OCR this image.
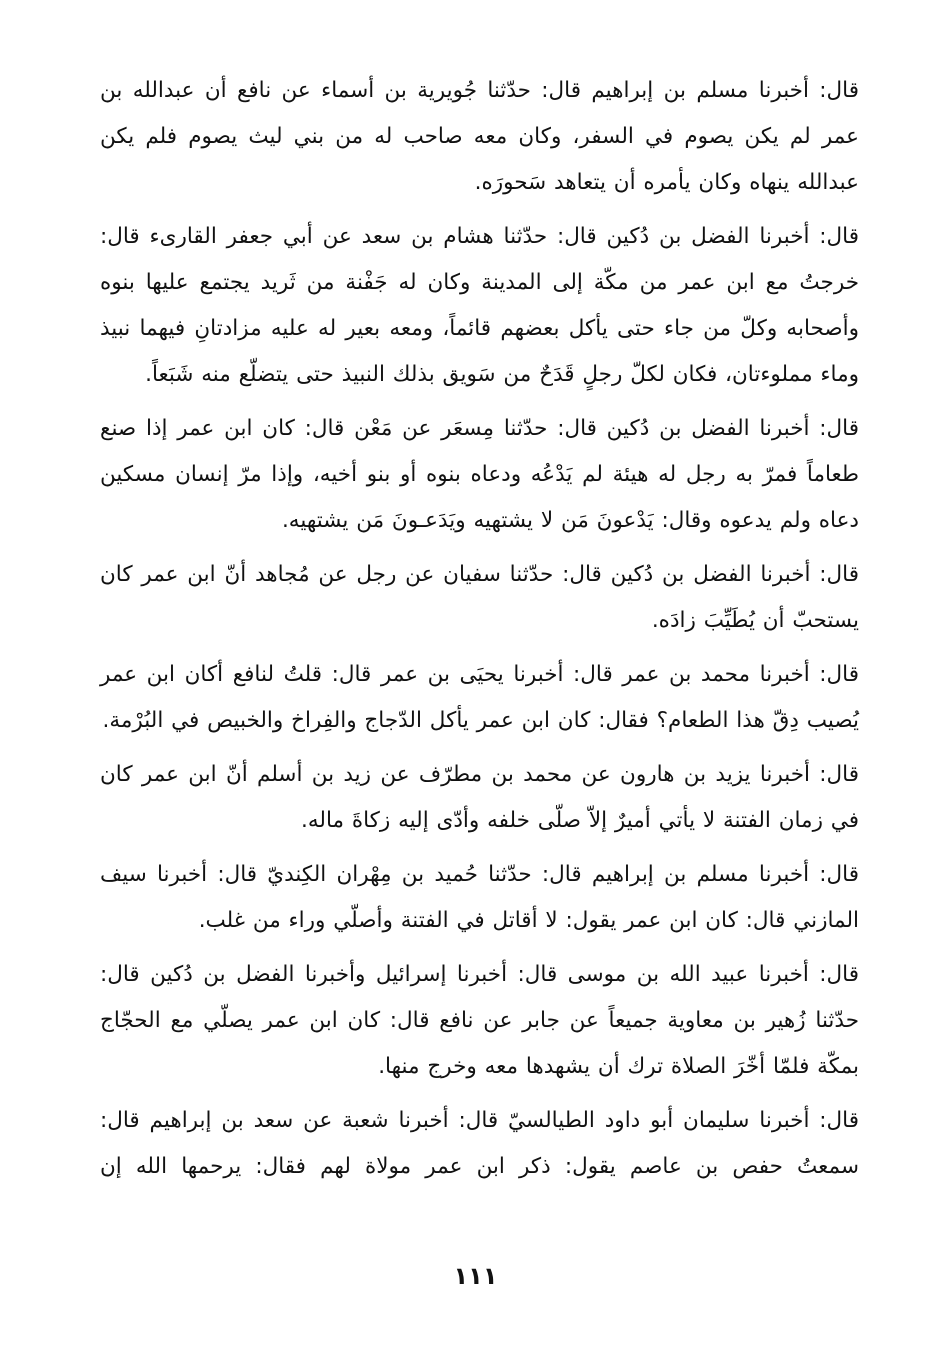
قال: أخبرنا مسلم بن إبراهيم قال: حدّثنا جُويرية بن أسماء عن نافع أن عبدالله بن عمر لم يكن يصوم في السفر، وكان معه صاحب له من بني ليث يصوم فلم يكن عبدالله ينهاه وكان يأمره أن يتعاهد سَحورَه.

قال: أخبرنا الفضل بن دُكين قال: حدّثنا هشام بن سعد عن أبي جعفر القارىء قال: خرجتُ مع ابن عمر من مكّة إلى المدينة وكان له جَفْنة من ثَريد يجتمع عليها بنوه وأصحابه وكلّ من جاء حتى يأكل بعضهم قائماً، ومعه بعير له عليه مزادتانِ فيهما نبيذ وماء مملوءتان، فكان لكلّ رجلٍ قَدَحٌ من سَويق بذلك النبيذ حتى يتضلّع منه شَبَعاً.

قال: أخبرنا الفضل بن دُكين قال: حدّثنا مِسعَر عن مَعْن قال: كان ابن عمر إذا صنع طعاماً فمرّ به رجل له هيئة لم يَدْعُه ودعاه بنوه أو بنو أخيه، وإذا مرّ إنسان مسكين دعاه ولم يدعوه وقال: يَدْعونَ مَن لا يشتهيه ويَدَعـونَ مَن يشتهيه.

قال: أخبرنا الفضل بن دُكين قال: حدّثنا سفيان عن رجل عن مُجاهد أنّ ابن عمر كان يستحبّ أن يُطَيِّبَ زادَه.

قال: أخبرنا محمد بن عمر قال: أخبرنا يحيَى بن عمر قال: قلتُ لنافع أكان ابن عمر يُصيب دِقّ هذا الطعام؟ فقال: كان ابن عمر يأكل الدّجاج والفِراخ والخبيص في البُرْمة.

قال: أخبرنا يزيد بن هارون عن محمد بن مطرّف عن زيد بن أسلم أنّ ابن عمر كان في زمان الفتنة لا يأتي أميرٌ إلاّ صلّى خلفه وأدّى إليه زكاةَ ماله.

قال: أخبرنا مسلم بن إبراهيم قال: حدّثنا حُميد بن مِهْران الكِنديّ قال: أخبرنا سيف المازني قال: كان ابن عمر يقول: لا أقاتل في الفتنة وأصلّي وراء من غلب.

قال: أخبرنا عبيد الله بن موسى قال: أخبرنا إسرائيل وأخبرنا الفضل بن دُكين قال: حدّثنا زُهير بن معاوية جميعاً عن جابر عن نافع قال: كان ابن عمر يصلّي مع الحجّاج بمكّة فلمّا أخّرَ الصلاة ترك أن يشهدها معه وخرج منها.

قال: أخبرنا سليمان أبو داود الطيالسيّ قال: أخبرنا شعبة عن سعد بن إبراهيم قال: سمعتُ حفص بن عاصم يقول: ذكر ابن عمر مولاة لهم فقال: يرحمها الله إن

١١١
